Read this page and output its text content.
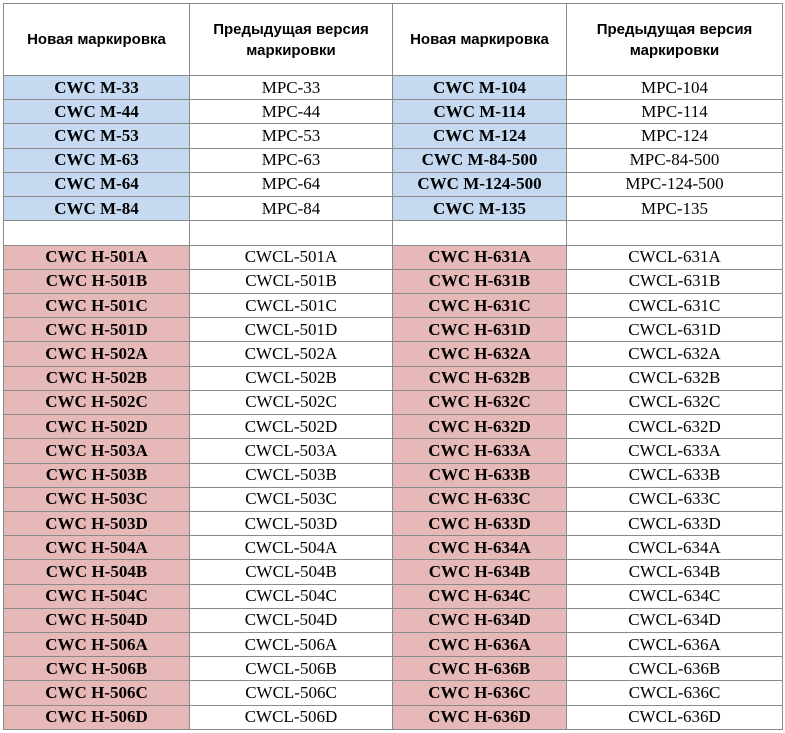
Новая маркировка	Предыдущая версия маркировки	Новая маркировка	Предыдущая версия маркировки
CWC M-33	MPC-33	CWC M-104	MPC-104
CWC M-44	MPC-44	CWC M-114	MPC-114
CWC M-53	MPC-53	CWC M-124	MPC-124
CWC M-63	MPC-63	CWC M-84-500	MPC-84-500
CWC M-64	MPC-64	CWC M-124-500	MPC-124-500
CWC M-84	MPC-84	CWC M-135	MPC-135

CWC H-501A	CWCL-501A	CWC H-631A	CWCL-631A
CWC H-501B	CWCL-501B	CWC H-631B	CWCL-631B
CWC H-501C	CWCL-501C	CWC H-631C	CWCL-631C
CWC H-501D	CWCL-501D	CWC H-631D	CWCL-631D
CWC H-502A	CWCL-502A	CWC H-632A	CWCL-632A
CWC H-502B	CWCL-502B	CWC H-632B	CWCL-632B
CWC H-502C	CWCL-502C	CWC H-632C	CWCL-632C
CWC H-502D	CWCL-502D	CWC H-632D	CWCL-632D
CWC H-503A	CWCL-503A	CWC H-633A	CWCL-633A
CWC H-503B	CWCL-503B	CWC H-633B	CWCL-633B
CWC H-503C	CWCL-503C	CWC H-633C	CWCL-633C
CWC H-503D	CWCL-503D	CWC H-633D	CWCL-633D
CWC H-504A	CWCL-504A	CWC H-634A	CWCL-634A
CWC H-504B	CWCL-504B	CWC H-634B	CWCL-634B
CWC H-504C	CWCL-504C	CWC H-634C	CWCL-634C
CWC H-504D	CWCL-504D	CWC H-634D	CWCL-634D
CWC H-506A	CWCL-506A	CWC H-636A	CWCL-636A
CWC H-506B	CWCL-506B	CWC H-636B	CWCL-636B
CWC H-506C	CWCL-506C	CWC H-636C	CWCL-636C
CWC H-506D	CWCL-506D	CWC H-636D	CWCL-636D
